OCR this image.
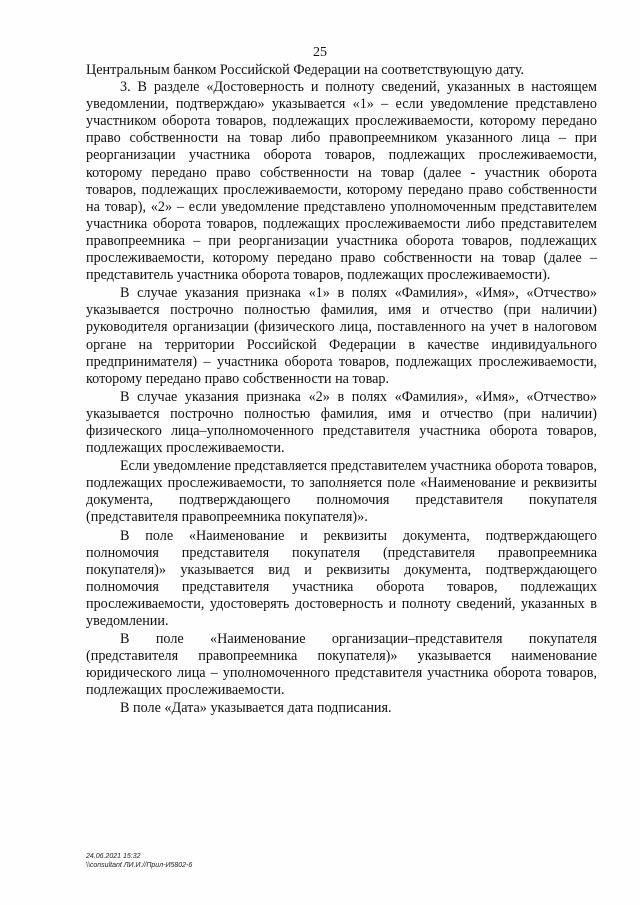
25

Центральным банком Российской Федерации на соответствующую дату.

3. В разделе «Достоверность и полноту сведений, указанных в настоящем уведомлении, подтверждаю» указывается «1» – если уведомление представлено участником оборота товаров, подлежащих прослеживаемости, которому передано право собственности на товар либо правопреемником указанного лица – при реорганизации участника оборота товаров, подлежащих прослеживаемости, которому передано право собственности на товар (далее - участник оборота товаров, подлежащих прослеживаемости, которому передано право собственности на товар), «2» – если уведомление представлено уполномоченным представителем участника оборота товаров, подлежащих прослеживаемости либо представителем правопреемника – при реорганизации участника оборота товаров, подлежащих прослеживаемости, которому передано право собственности на товар (далее – представитель участника оборота товаров, подлежащих прослеживаемости).

В случае указания признака «1» в полях «Фамилия», «Имя», «Отчество» указывается построчно полностью фамилия, имя и отчество (при наличии) руководителя организации (физического лица, поставленного на учет в налоговом органе на территории Российской Федерации в качестве индивидуального предпринимателя) – участника оборота товаров, подлежащих прослеживаемости, которому передано право собственности на товар.

В случае указания признака «2» в полях «Фамилия», «Имя», «Отчество» указывается построчно полностью фамилия, имя и отчество (при наличии) физического лица–уполномоченного представителя участника оборота товаров, подлежащих прослеживаемости.

Если уведомление представляется представителем участника оборота товаров, подлежащих прослеживаемости, то заполняется поле «Наименование и реквизиты документа, подтверждающего полномочия представителя покупателя (представителя правопреемника покупателя)».

В поле «Наименование и реквизиты документа, подтверждающего полномочия представителя покупателя (представителя правопреемника покупателя)» указывается вид и реквизиты документа, подтверждающего полномочия представителя участника оборота товаров, подлежащих прослеживаемости, удостоверять достоверность и полноту сведений, указанных в уведомлении.

В поле «Наименование организации–представителя покупателя (представителя правопреемника покупателя)» указывается наименование юридического лица – уполномоченного представителя участника оборота товаров, подлежащих прослеживаемости.

В поле «Дата» указывается дата подписания.

24.06.2021 15:32
\\consultant ЛИ.И.//Прил-И5802-6
